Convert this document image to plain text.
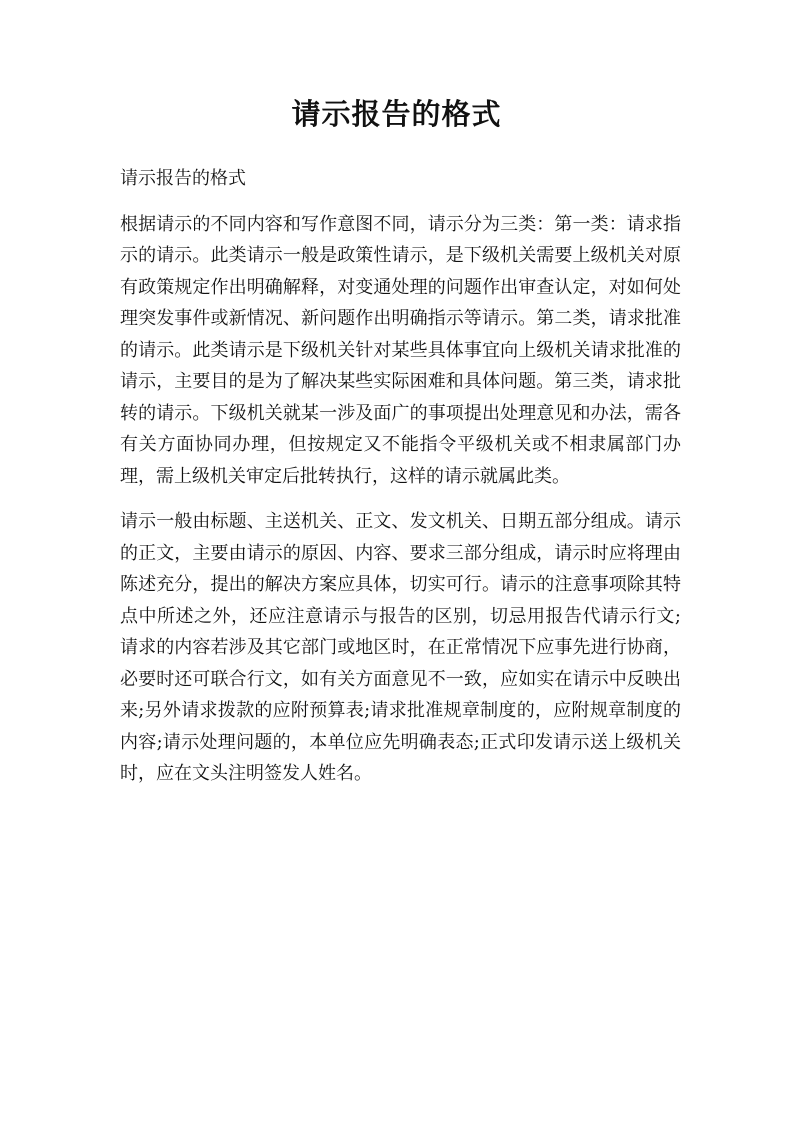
请示报告的格式

请示报告的格式

根据请示的不同内容和写作意图不同，请示分为三类：第一类：请求指示的请示。此类请示一般是政策性请示，是下级机关需要上级机关对原有政策规定作出明确解释，对变通处理的问题作出审查认定，对如何处理突发事件或新情况、新问题作出明确指示等请示。第二类，请求批准的请示。此类请示是下级机关针对某些具体事宜向上级机关请求批准的请示，主要目的是为了解决某些实际困难和具体问题。第三类，请求批转的请示。下级机关就某一涉及面广的事项提出处理意见和办法，需各有关方面协同办理，但按规定又不能指令平级机关或不相隶属部门办理，需上级机关审定后批转执行，这样的请示就属此类。

请示一般由标题、主送机关、正文、发文机关、日期五部分组成。请示的正文，主要由请示的原因、内容、要求三部分组成，请示时应将理由陈述充分，提出的解决方案应具体，切实可行。请示的注意事项除其特点中所述之外，还应注意请示与报告的区别，切忌用报告代请示行文;请求的内容若涉及其它部门或地区时，在正常情况下应事先进行协商，必要时还可联合行文，如有关方面意见不一致，应如实在请示中反映出来;另外请求拨款的应附预算表;请求批准规章制度的，应附规章制度的内容;请示处理问题的，本单位应先明确表态;正式印发请示送上级机关时，应在文头注明签发人姓名。
